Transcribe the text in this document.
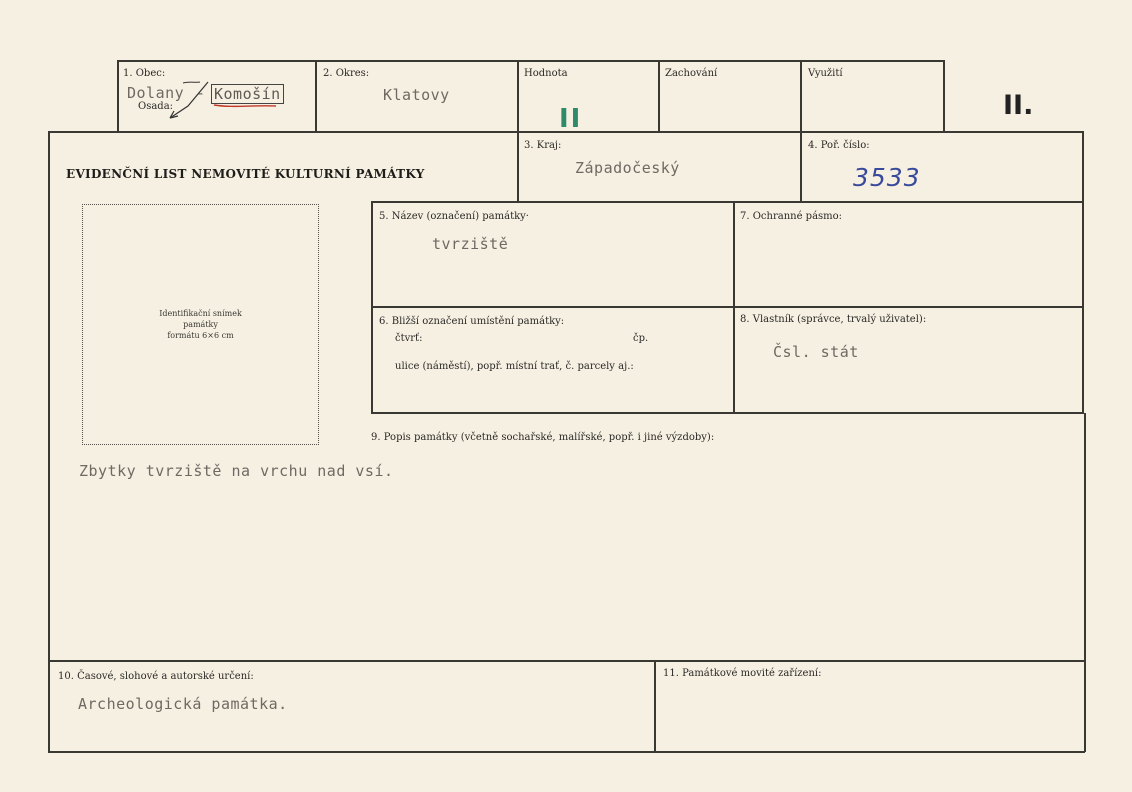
1. Obec:
Osada:
Dolany - Komošín
2. Okres:
Klatovy
Hodnota
II
Zachování	Využití
II.
EVIDENČNÍ LIST NEMOVITÉ KULTURNÍ PAMÁTKY
3. Kraj:
Západočeský
4. Poř. číslo:
3533
Identifikační snímek
památky
formátu 6×6 cm
5. Název (označení) památky·
tvrziště
7. Ochranné pásmo:
6. Bližší označení umístění památky:
čtvrť:	čp.
ulice (náměstí), popř. místní trať, č. parcely aj.:
8. Vlastník (správce, trvalý uživatel):
Čsl. stát
9. Popis památky (včetně sochařské, malířské, popř. i jiné výzdoby):
Zbytky tvrziště na vrchu nad vsí.
10. Časové, slohové a autorské určení:
Archeologická památka.
11. Památkové movité zařízení:
